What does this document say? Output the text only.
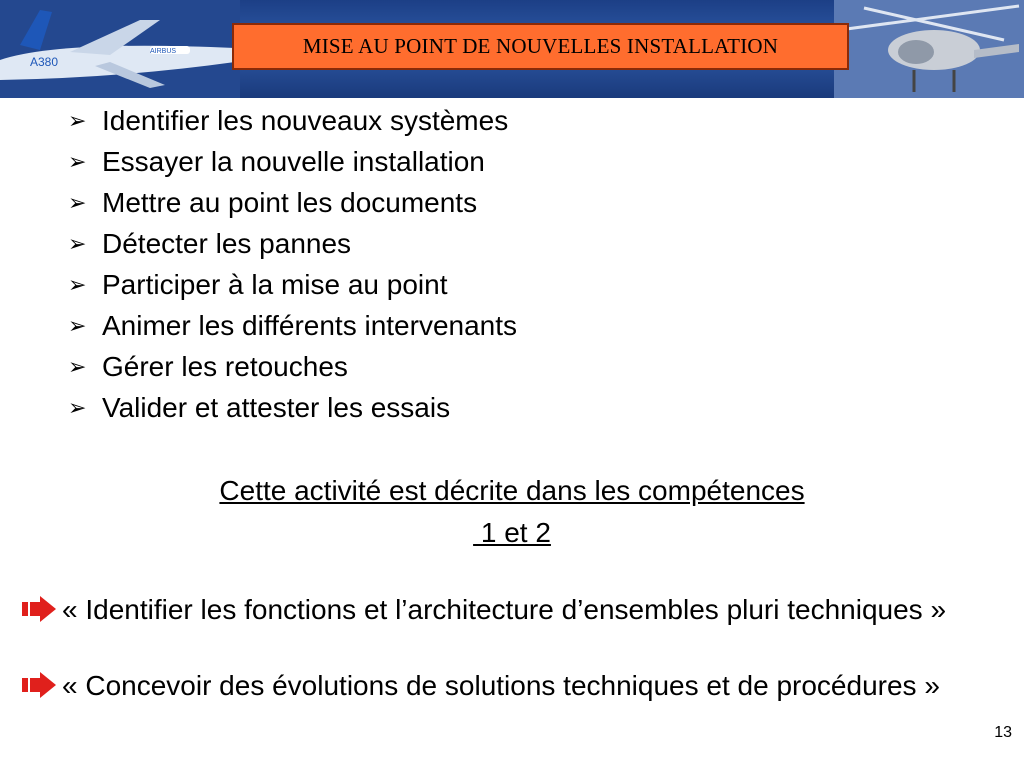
A380
AIRBUS	MISE AU POINT DE NOUVELLES INSTALLATION
➢ Identifier les nouveaux systèmes
➢ Essayer la nouvelle installation
➢ Mettre au point les documents
➢ Détecter les pannes
➢ Participer à la mise au point
➢ Animer les différents intervenants
➢ Gérer les retouches
➢ Valider et attester les essais
Cette activité est décrite dans les compétences
1 et 2
« Identifier les fonctions et l’architecture d’ensembles pluri techniques »
« Concevoir des évolutions de solutions techniques et de procédures »
13
